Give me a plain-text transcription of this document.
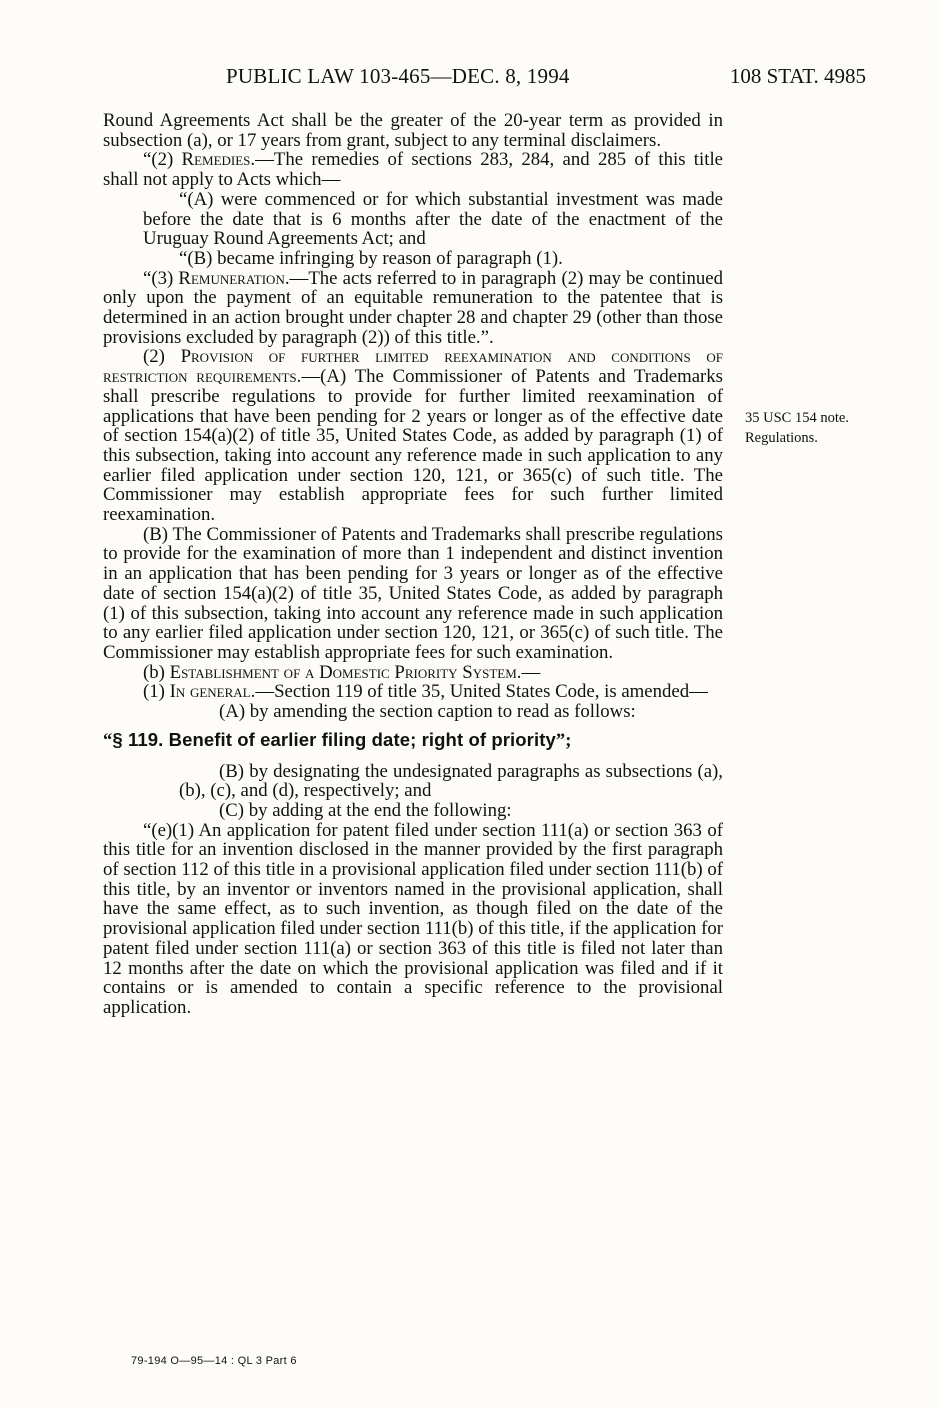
PUBLIC LAW 103-465—DEC. 8, 1994	108 STAT. 4985

Round Agreements Act shall be the greater of the 20-year term as provided in subsection (a), or 17 years from grant, subject to any terminal disclaimers.

“(2) Remedies.—The remedies of sections 283, 284, and 285 of this title shall not apply to Acts which—

“(A) were commenced or for which substantial investment was made before the date that is 6 months after the date of the enactment of the Uruguay Round Agreements Act; and

“(B) became infringing by reason of paragraph (1).

“(3) Remuneration.—The acts referred to in paragraph (2) may be continued only upon the payment of an equitable remuneration to the patentee that is determined in an action brought under chapter 28 and chapter 29 (other than those provisions excluded by paragraph (2)) of this title.”.

(2) Provision of further limited reexamination and conditions of restriction requirements.—(A) The Commissioner of Patents and Trademarks shall prescribe regulations to provide for further limited reexamination of applications that have been pending for 2 years or longer as of the effective date of section 154(a)(2) of title 35, United States Code, as added by paragraph (1) of this subsection, taking into account any reference made in such application to any earlier filed application under section 120, 121, or 365(c) of such title. The Commissioner may establish appropriate fees for such further limited reexamination.

(B) The Commissioner of Patents and Trademarks shall prescribe regulations to provide for the examination of more than 1 independent and distinct invention in an application that has been pending for 3 years or longer as of the effective date of section 154(a)(2) of title 35, United States Code, as added by paragraph (1) of this subsection, taking into account any reference made in such application to any earlier filed application under section 120, 121, or 365(c) of such title. The Commissioner may establish appropriate fees for such examination.

(b) Establishment of a Domestic Priority System.—

(1) In general.—Section 119 of title 35, United States Code, is amended—

(A) by amending the section caption to read as follows:

“§ 119. Benefit of earlier filing date; right of priority”;

(B) by designating the undesignated paragraphs as subsections (a), (b), (c), and (d), respectively; and

(C) by adding at the end the following:

“(e)(1) An application for patent filed under section 111(a) or section 363 of this title for an invention disclosed in the manner provided by the first paragraph of section 112 of this title in a provisional application filed under section 111(b) of this title, by an inventor or inventors named in the provisional application, shall have the same effect, as to such invention, as though filed on the date of the provisional application filed under section 111(b) of this title, if the application for patent filed under section 111(a) or section 363 of this title is filed not later than 12 months after the date on which the provisional application was filed and if it contains or is amended to contain a specific reference to the provisional application.

35 USC 154 note.
Regulations.
79-194 O—95—14 : QL 3 Part 6
